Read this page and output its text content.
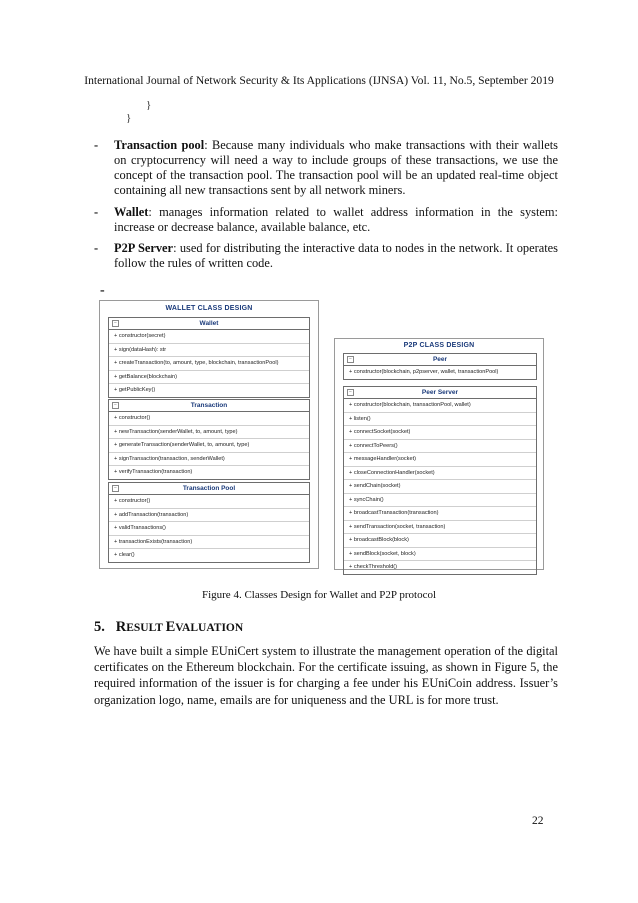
International Journal of Network Security & Its Applications (IJNSA) Vol. 11, No.5, September 2019
}
}
- Transaction pool: Because many individuals who make transactions with their wallets on cryptocurrency will need a way to include groups of these transactions, we use the concept of the transaction pool. The transaction pool will be an updated real-time object containing all new transactions sent by all network miners.
- Wallet: manages information related to wallet address information in the system: increase or decrease balance, available balance, etc.
- P2P Server: used for distributing the interactive data to nodes in the network. It operates follow the rules of written code.
-
WALLET CLASS DESIGN
−	Wallet
+ constructor(secret)
+ sign(dataHash): str
+ createTransaction(to, amount, type, blockchain, transactionPool)
+ getBalance(blockchain)
+ getPublicKey()
−	Transaction
+ constructor()
+ newTransaction(senderWallet, to, amount, type)
+ generateTransaction(senderWallet, to, amount, type)
+ signTransaction(transaction, senderWallet)
+ verifyTransaction(transaction)
−	Transaction Pool
+ constructor()
+ addTransaction(transaction)
+ validTransactions()
+ transactionExists(transaction)
+ clear()
P2P CLASS DESIGN
−	Peer
+ constructor(blockchain, p2pserver, wallet, transactionPool)
−	Peer Server
+ constructor(blockchain, transactionPool, wallet)
+ listen()
+ connectSocket(socket)
+ connectToPeers()
+ messageHandler(socket)
+ closeConnectionHandler(socket)
+ sendChain(socket)
+ syncChain()
+ broadcastTransaction(transaction)
+ sendTransaction(socket, transaction)
+ broadcastBlock(block)
+ sendBlock(socket, block)
+ checkThreshold()
Figure 4. Classes Design for Wallet and P2P protocol
5. RESULT EVALUATION
We have built a simple EUniCert system to illustrate the management operation of the digital certificates on the Ethereum blockchain. For the certificate issuing, as shown in Figure 5, the required information of the issuer is for charging a fee under his EUniCoin address. Issuer’s organization logo, name, emails are for uniqueness and the URL is for more trust.
22
